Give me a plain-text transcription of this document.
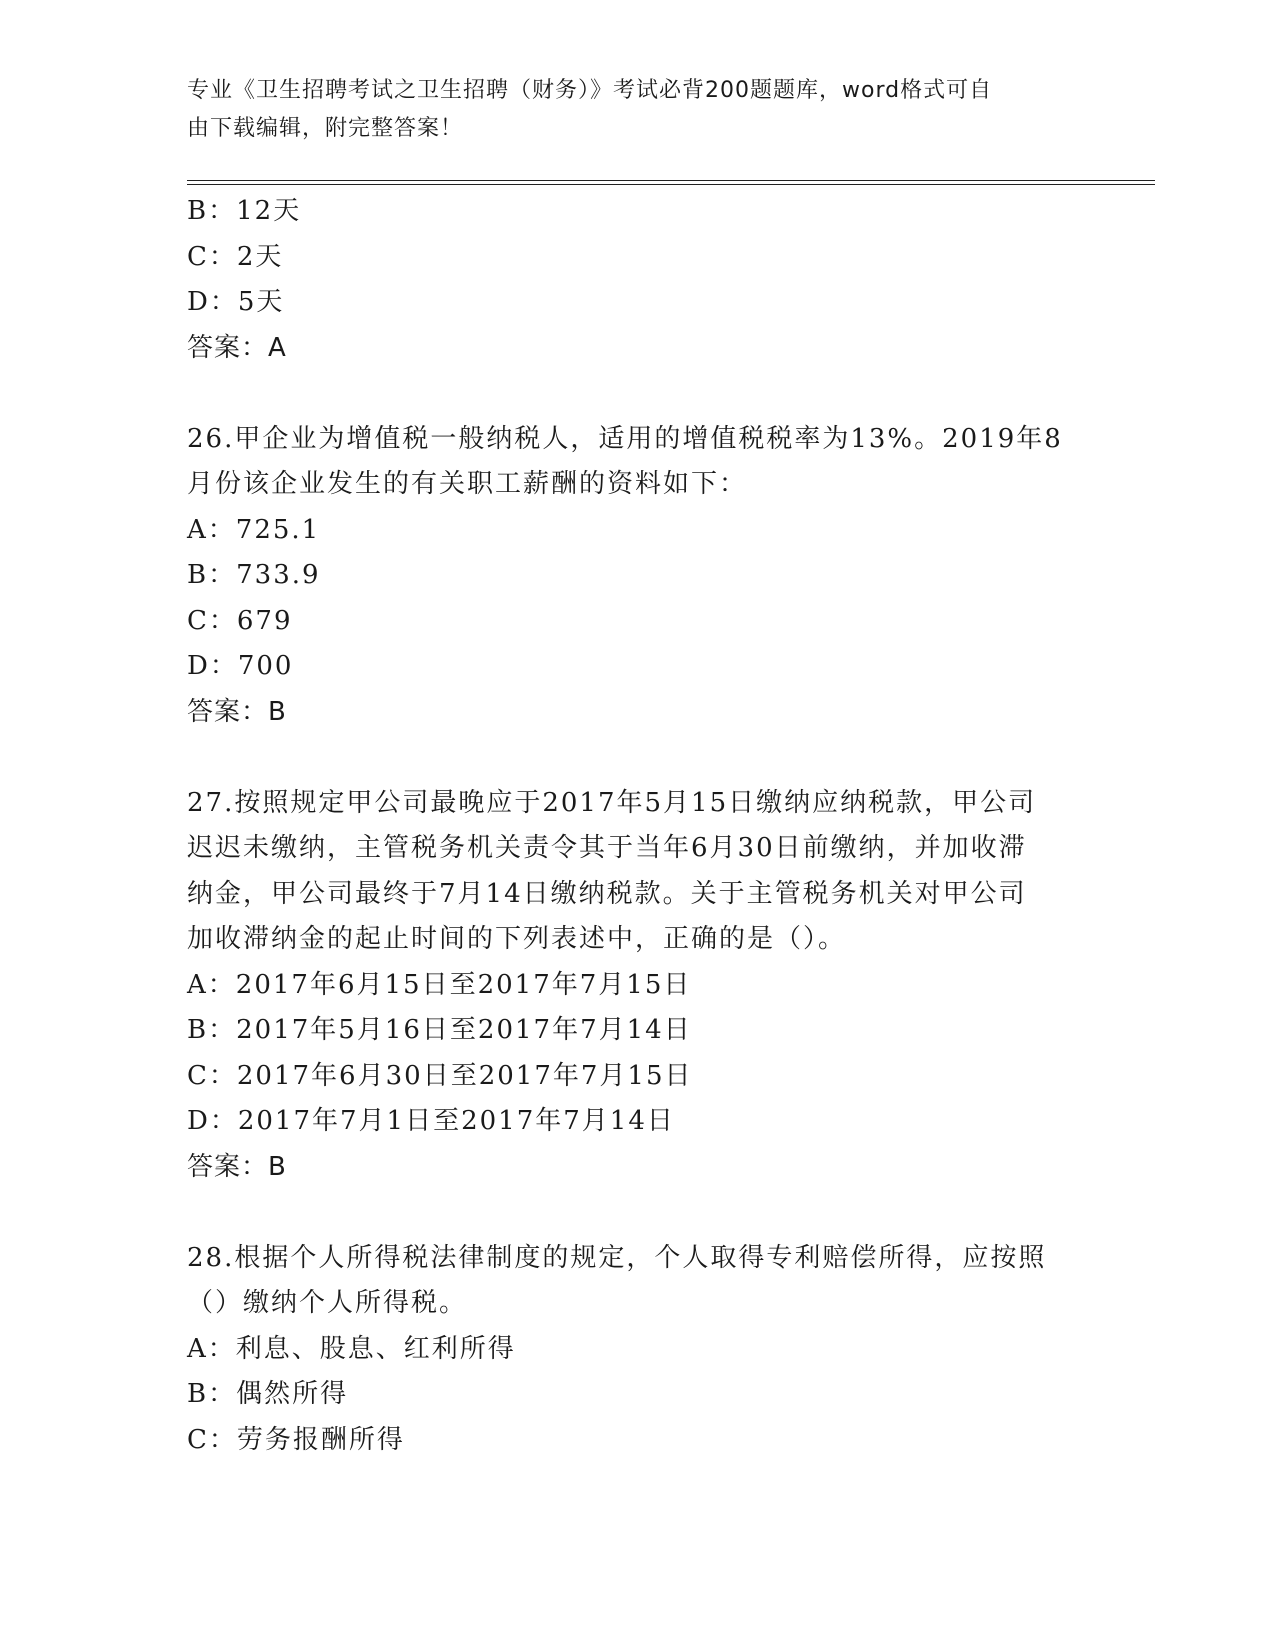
专业《卫生招聘考试之卫生招聘（财务）》考试必背200题题库，word格式可自
由下载编辑，附完整答案！
B：12天
C：2天
D：5天
答案：A
26.甲企业为增值税一般纳税人，适用的增值税税率为13%。2019年8
月份该企业发生的有关职工薪酬的资料如下：
A：725.1
B：733.9
C：679
D：700
答案：B
27.按照规定甲公司最晚应于2017年5月15日缴纳应纳税款，甲公司
迟迟未缴纳，主管税务机关责令其于当年6月30日前缴纳，并加收滞
纳金，甲公司最终于7月14日缴纳税款。关于主管税务机关对甲公司
加收滞纳金的起止时间的下列表述中，正确的是（）。
A：2017年6月15日至2017年7月15日
B：2017年5月16日至2017年7月14日
C：2017年6月30日至2017年7月15日
D：2017年7月1日至2017年7月14日
答案：B
28.根据个人所得税法律制度的规定，个人取得专利赔偿所得，应按照
（）缴纳个人所得税。
A：利息、股息、红利所得
B：偶然所得
C：劳务报酬所得
